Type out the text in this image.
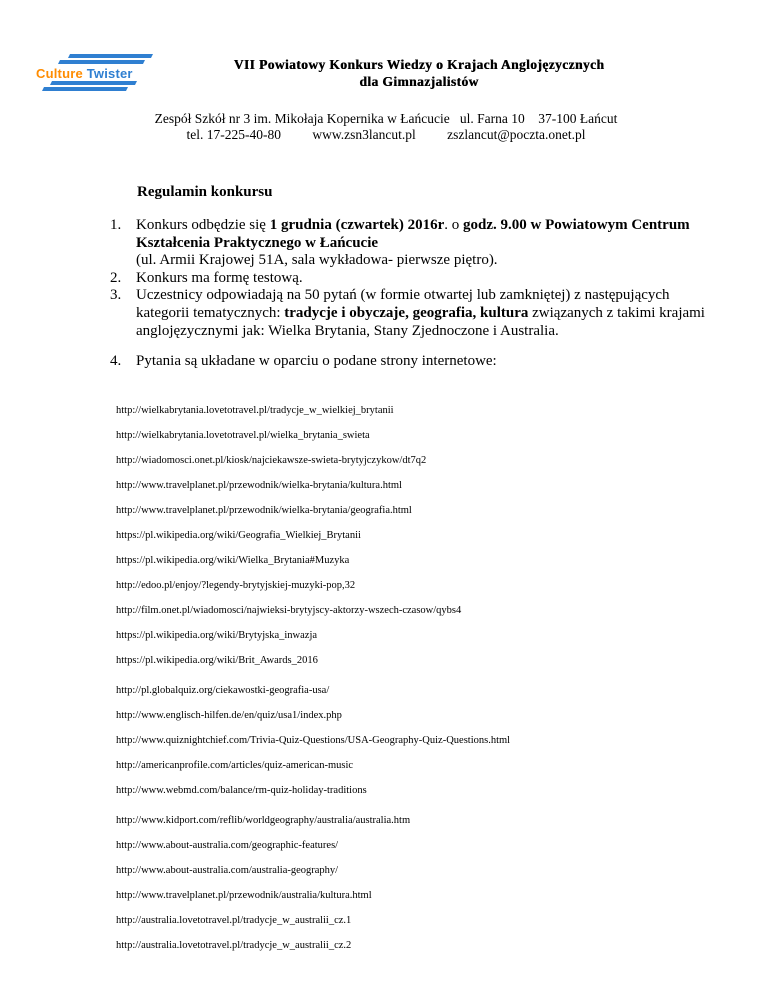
Culture Twister
VII Powiatowy Konkurs Wiedzy o Krajach Anglojęzycznych
dla Gimnazjalistów
Zespół Szkół nr 3 im. Mikołaja Kopernika w Łańcucie ul. Farna 10 37-100 Łańcut
tel. 17-225-40-80 www.zsn3lancut.pl zszlancut@poczta.onet.pl
Regulamin konkursu
1. Konkurs odbędzie się 1 grudnia (czwartek) 2016r. o godz. 9.00 w Powiatowym Centrum Kształcenia Praktycznego w Łańcucie
(ul. Armii Krajowej 51A, sala wykładowa- pierwsze piętro).
2. Konkurs ma formę testową.
3. Uczestnicy odpowiadają na 50 pytań (w formie otwartej lub zamkniętej) z następujących kategorii tematycznych: tradycje i obyczaje, geografia, kultura związanych z takimi krajami anglojęzycznymi jak: Wielka Brytania, Stany Zjednoczone i Australia.
4. Pytania są układane w oparciu o podane strony internetowe:
http://wielkabrytania.lovetotravel.pl/tradycje_w_wielkiej_brytanii
http://wielkabrytania.lovetotravel.pl/wielka_brytania_swieta
http://wiadomosci.onet.pl/kiosk/najciekawsze-swieta-brytyjczykow/dt7q2
http://www.travelplanet.pl/przewodnik/wielka-brytania/kultura.html
http://www.travelplanet.pl/przewodnik/wielka-brytania/geografia.html
https://pl.wikipedia.org/wiki/Geografia_Wielkiej_Brytanii
https://pl.wikipedia.org/wiki/Wielka_Brytania#Muzyka
http://edoo.pl/enjoy/?legendy-brytyjskiej-muzyki-pop,32
http://film.onet.pl/wiadomosci/najwieksi-brytyjscy-aktorzy-wszech-czasow/qybs4
https://pl.wikipedia.org/wiki/Brytyjska_inwazja
https://pl.wikipedia.org/wiki/Brit_Awards_2016
http://pl.globalquiz.org/ciekawostki-geografia-usa/
http://www.englisch-hilfen.de/en/quiz/usa1/index.php
http://www.quiznightchief.com/Trivia-Quiz-Questions/USA-Geography-Quiz-Questions.html
http://americanprofile.com/articles/quiz-american-music
http://www.webmd.com/balance/rm-quiz-holiday-traditions
http://www.kidport.com/reflib/worldgeography/australia/australia.htm
http://www.about-australia.com/geographic-features/
http://www.about-australia.com/australia-geography/
http://www.travelplanet.pl/przewodnik/australia/kultura.html
http://australia.lovetotravel.pl/tradycje_w_australii_cz.1
http://australia.lovetotravel.pl/tradycje_w_australii_cz.2
